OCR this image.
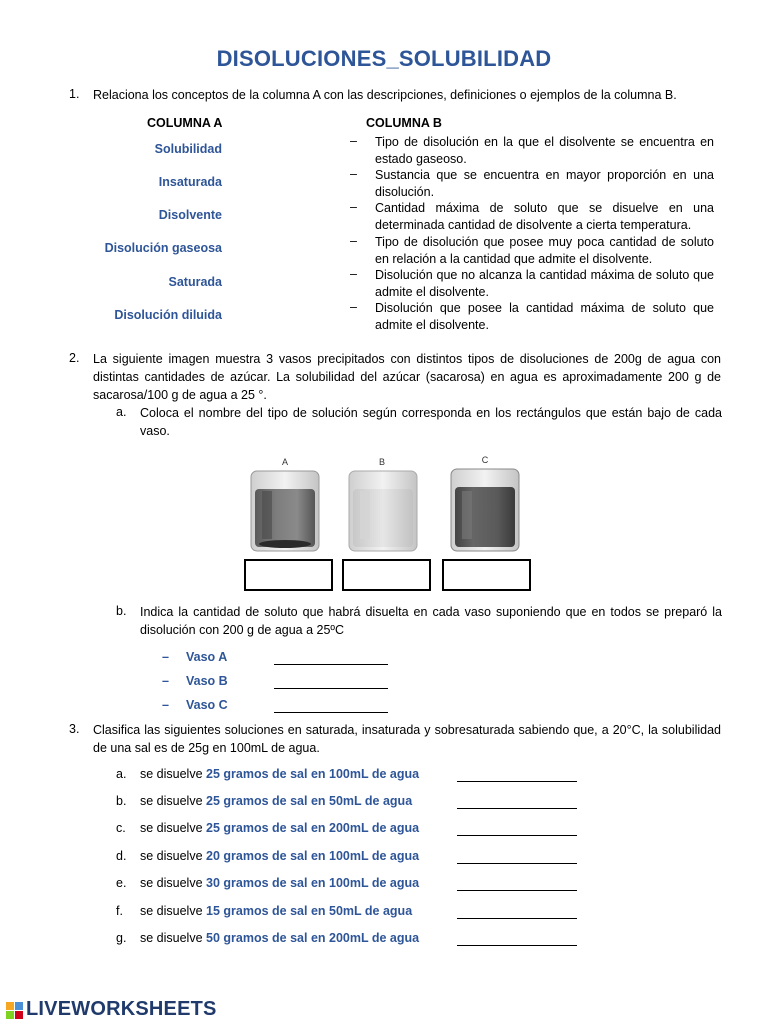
DISOLUCIONES_SOLUBILIDAD
1. Relaciona los conceptos de la columna A con las descripciones, definiciones o ejemplos de la columna B.
COLUMNA A	COLUMNA B
Solubilidad
Insaturada
Disolvente
Disolución gaseosa
Saturada
Disolución diluida
– Tipo de disolución en la que el disolvente se encuentra en estado gaseoso.
– Sustancia que se encuentra en mayor proporción en una disolución.
– Cantidad máxima de soluto que se disuelve en una determinada cantidad de disolvente a cierta temperatura.
– Tipo de disolución que posee muy poca cantidad de soluto en relación a la cantidad que admite el disolvente.
– Disolución que no alcanza la cantidad máxima de soluto que admite el disolvente.
– Disolución que posee la cantidad máxima de soluto que admite el disolvente.
2. La siguiente imagen muestra 3 vasos precipitados con distintos tipos de disoluciones de 200g de agua con distintas cantidades de azúcar. La solubilidad del azúcar (sacarosa) en agua es aproximadamente 200 g de sacarosa/100 g de agua a 25 °.
a. Coloca el nombre del tipo de solución según corresponda en los rectángulos que están bajo de cada vaso.
A	B	C
b. Indica la cantidad de soluto que habrá disuelta en cada vaso suponiendo que en todos se preparó la disolución con 200 g de agua a 25ºC
– Vaso A
– Vaso B
– Vaso C
3. Clasifica las siguientes soluciones en saturada, insaturada y sobresaturada sabiendo que, a 20°C, la solubilidad de una sal es de 25g en 100mL de agua.
a. se disuelve 25 gramos de sal en 100mL de agua
b. se disuelve 25 gramos de sal en 50mL de agua
c. se disuelve 25 gramos de sal en 200mL de agua
d. se disuelve 20 gramos de sal en 100mL de agua
e. se disuelve 30 gramos de sal en 100mL de agua
f. se disuelve 15 gramos de sal en 50mL de agua
g. se disuelve 50 gramos de sal en 200mL de agua
LIVEWORKSHEETS
